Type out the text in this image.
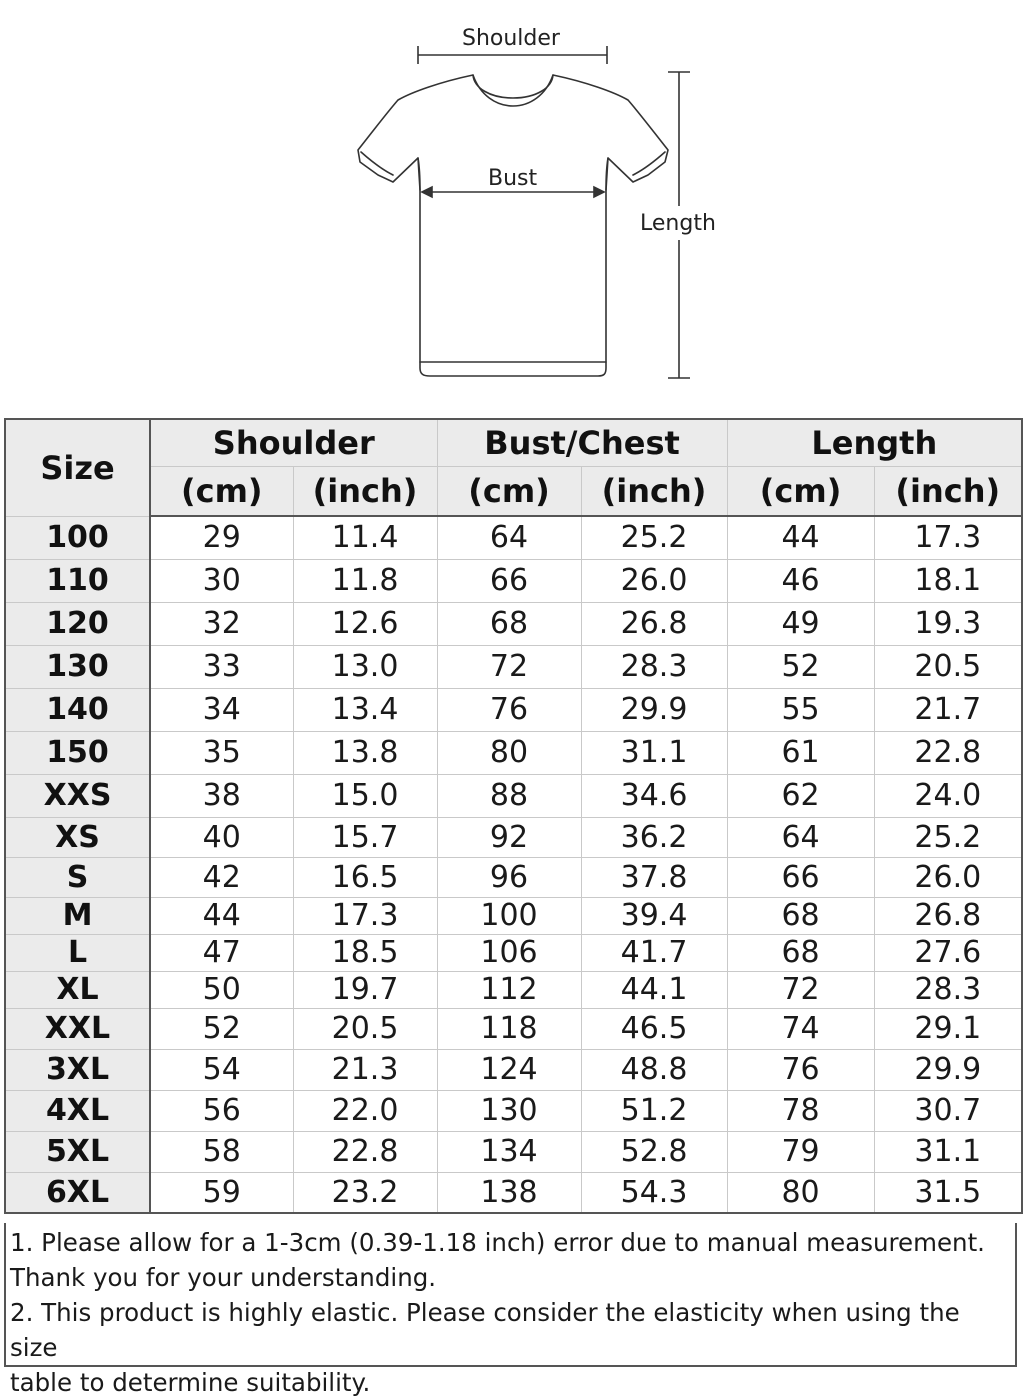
Shoulder
Bust
Length
Size	Shoulder		Bust/Chest		Length	
	(cm)	(inch)	(cm)	(inch)	(cm)	(inch)
100	29	11.4	64	25.2	44	17.3
110	30	11.8	66	26.0	46	18.1
120	32	12.6	68	26.8	49	19.3
130	33	13.0	72	28.3	52	20.5
140	34	13.4	76	29.9	55	21.7
150	35	13.8	80	31.1	61	22.8
XXS	38	15.0	88	34.6	62	24.0
XS	40	15.7	92	36.2	64	25.2
S	42	16.5	96	37.8	66	26.0
M	44	17.3	100	39.4	68	26.8
L	47	18.5	106	41.7	68	27.6
XL	50	19.7	112	44.1	72	28.3
XXL	52	20.5	118	46.5	74	29.1
3XL	54	21.3	124	48.8	76	29.9
4XL	56	22.0	130	51.2	78	30.7
5XL	58	22.8	134	52.8	79	31.1
6XL	59	23.2	138	54.3	80	31.5

1. Please allow for a 1-3cm (0.39-1.18 inch) error due to manual measurement.

Thank you for your understanding.

2. This product is highly elastic. Please consider the elasticity when using the size

table to determine suitability.
